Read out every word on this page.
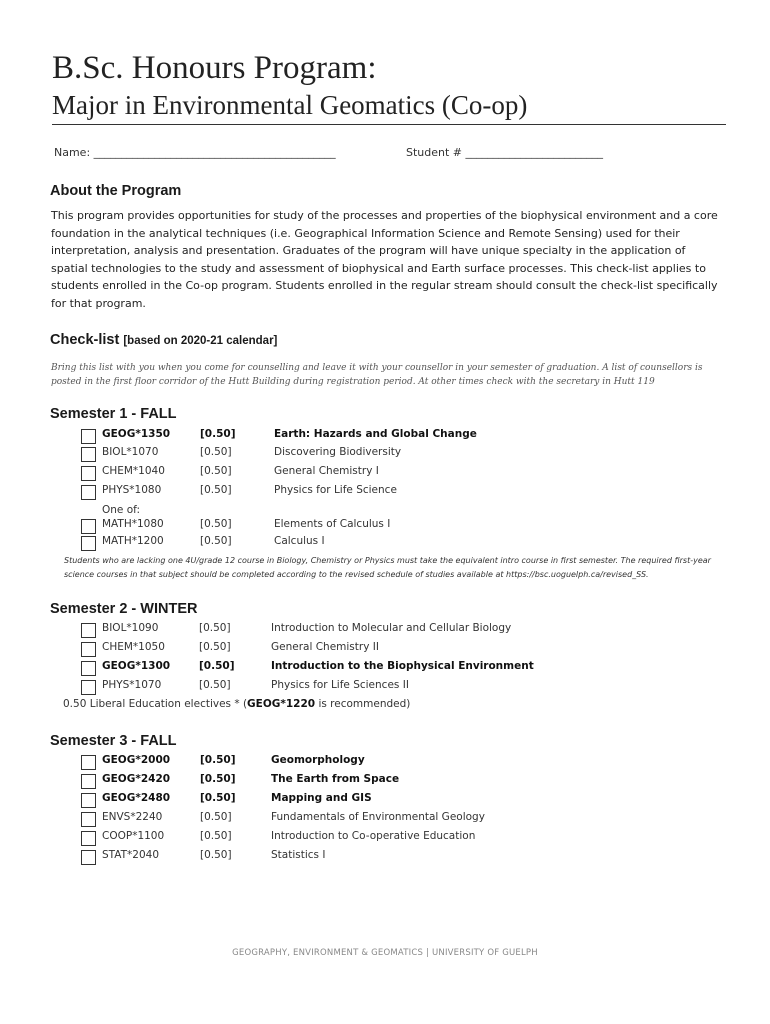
B.Sc. Honours Program:
Major in Environmental Geomatics (Co-op)
Name: ____________________________________________	Student # _________________________
About the Program
This program provides opportunities for study of the processes and properties of the biophysical environment and a core foundation in the analytical techniques (i.e. Geographical Information Science and Remote Sensing) used for their interpretation, analysis and presentation. Graduates of the program will have unique specialty in the application of spatial technologies to the study and assessment of biophysical and Earth surface processes. This check-list applies to students enrolled in the Co-op program. Students enrolled in the regular stream should consult the check-list specifically for that program.
Check-list [based on 2020-21 calendar]
Bring this list with you when you come for counselling and leave it with your counsellor in your semester of graduation. A list of counsellors is posted in the first floor corridor of the Hutt Building during registration period. At other times check with the secretary in Hutt 119
Semester 1 - FALL
GEOG*1350	[0.50]	Earth: Hazards and Global Change
BIOL*1070	[0.50]	Discovering Biodiversity
CHEM*1040	[0.50]	General Chemistry I
PHYS*1080	[0.50]	Physics for Life Science
One of:
MATH*1080	[0.50]	Elements of Calculus I
MATH*1200	[0.50]	Calculus I
Students who are lacking one 4U/grade 12 course in Biology, Chemistry or Physics must take the equivalent intro course in first semester. The required first-year science courses in that subject should be completed according to the revised schedule of studies available at https://bsc.uoguelph.ca/revised_SS.
Semester 2 - WINTER
BIOL*1090	[0.50]	Introduction to Molecular and Cellular Biology
CHEM*1050	[0.50]	General Chemistry II
GEOG*1300	[0.50]	Introduction to the Biophysical Environment
PHYS*1070	[0.50]	Physics for Life Sciences II
0.50 Liberal Education electives * (GEOG*1220 is recommended)
Semester 3 - FALL
GEOG*2000	[0.50]	Geomorphology
GEOG*2420	[0.50]	The Earth from Space
GEOG*2480	[0.50]	Mapping and GIS
ENVS*2240	[0.50]	Fundamentals of Environmental Geology
COOP*1100	[0.50]	Introduction to Co-operative Education
STAT*2040	[0.50]	Statistics I
GEOGRAPHY, ENVIRONMENT & GEOMATICS | UNIVERSITY OF GUELPH
